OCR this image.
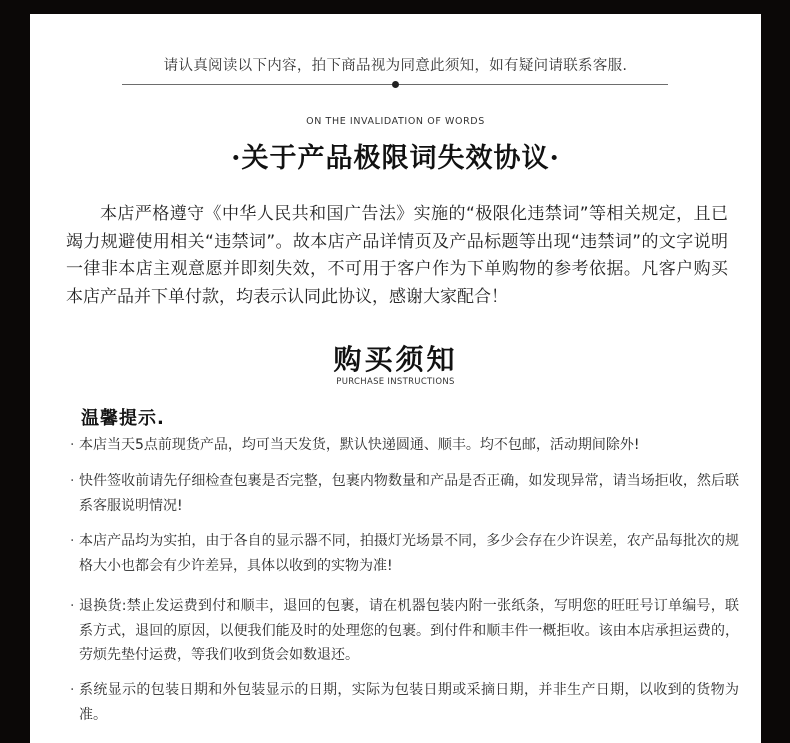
请认真阅读以下内容，拍下商品视为同意此须知，如有疑问请联系客服.
ON THE INVALIDATION OF WORDS
·关于产品极限词失效协议·
本店严格遵守《中华人民共和国广告法》实施的“极限化违禁词”等相关规定，且已竭力规避使用相关“违禁词”。故本店产品详情页及产品标题等出现“违禁词”的文字说明一律非本店主观意愿并即刻失效，不可用于客户作为下单购物的参考依据。凡客户购买本店产品并下单付款，均表示认同此协议，感谢大家配合！
购买须知
PURCHASE INSTRUCTIONS
温馨提示.
· 本店当天5点前现货产品，均可当天发货，默认快递圆通、顺丰。均不包邮，活动期间除外!
· 快件签收前请先仔细检查包裹是否完整，包裹内物数量和产品是否正确，如发现异常，请当场拒收，然后联系客服说明情况!
· 本店产品均为实拍，由于各自的显示器不同，拍摄灯光场景不同，多少会存在少许误差，农产品每批次的规格大小也都会有少许差异，具体以收到的实物为准!
· 退换货:禁止发运费到付和顺丰，退回的包裹，请在机器包装内附一张纸条，写明您的旺旺号订单编号，联系方式，退回的原因，以便我们能及时的处理您的包裹。到付件和顺丰件一概拒收。该由本店承担运费的，劳烦先垫付运费，等我们收到货会如数退还。
· 系统显示的包装日期和外包装显示的日期，实际为包装日期或采摘日期，并非生产日期，以收到的货物为准。
